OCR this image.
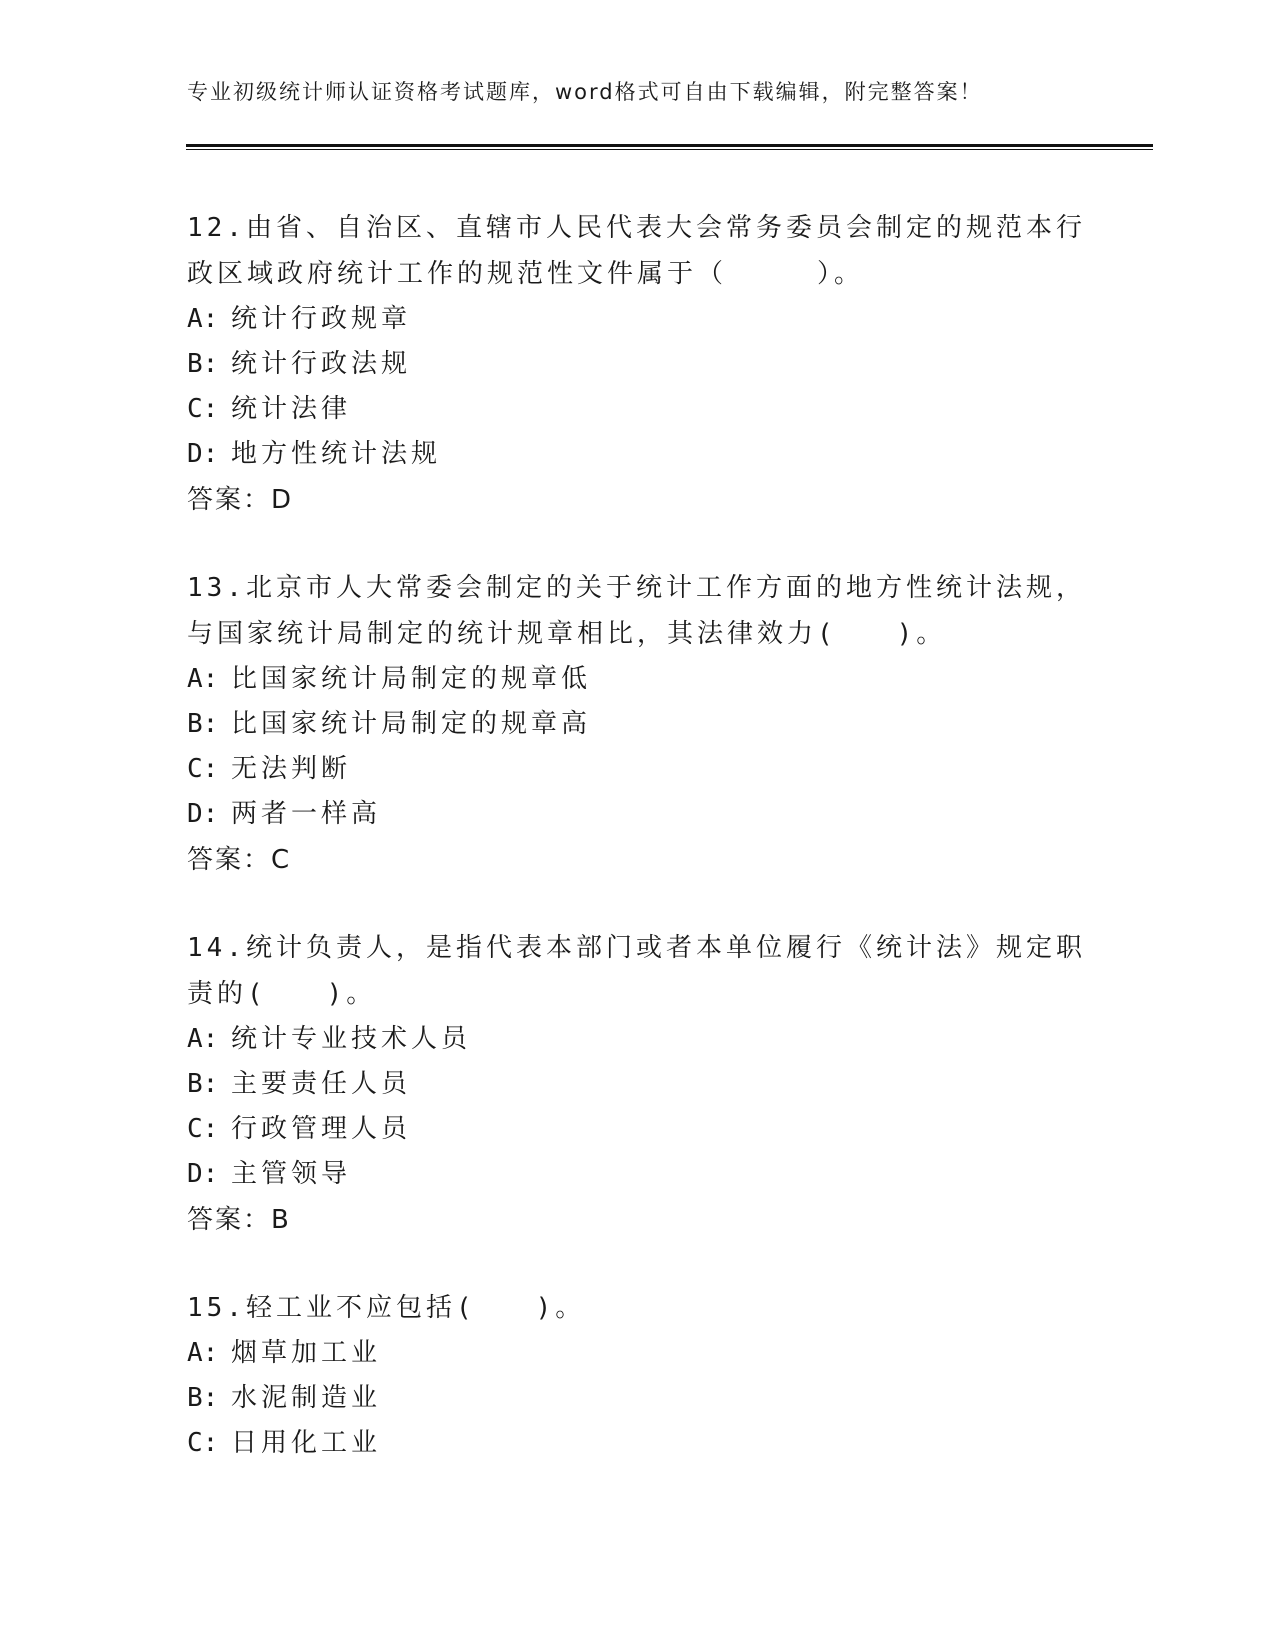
专业初级统计师认证资格考试题库，word格式可自由下载编辑，附完整答案！

12.由省、自治区、直辖市人民代表大会常务委员会制定的规范本行政区域政府统计工作的规范性文件属于（　　　）。

A: 统计行政规章

B: 统计行政法规

C: 统计法律

D: 地方性统计法规

答案：D

13.北京市人大常委会制定的关于统计工作方面的地方性统计法规，与国家统计局制定的统计规章相比，其法律效力(　　)。

A: 比国家统计局制定的规章低

B: 比国家统计局制定的规章高

C: 无法判断

D: 两者一样高

答案：C

14.统计负责人，是指代表本部门或者本单位履行《统计法》规定职责的(　　)。

A: 统计专业技术人员

B: 主要责任人员

C: 行政管理人员

D: 主管领导

答案：B

15.轻工业不应包括(　　)。

A: 烟草加工业

B: 水泥制造业

C: 日用化工业
